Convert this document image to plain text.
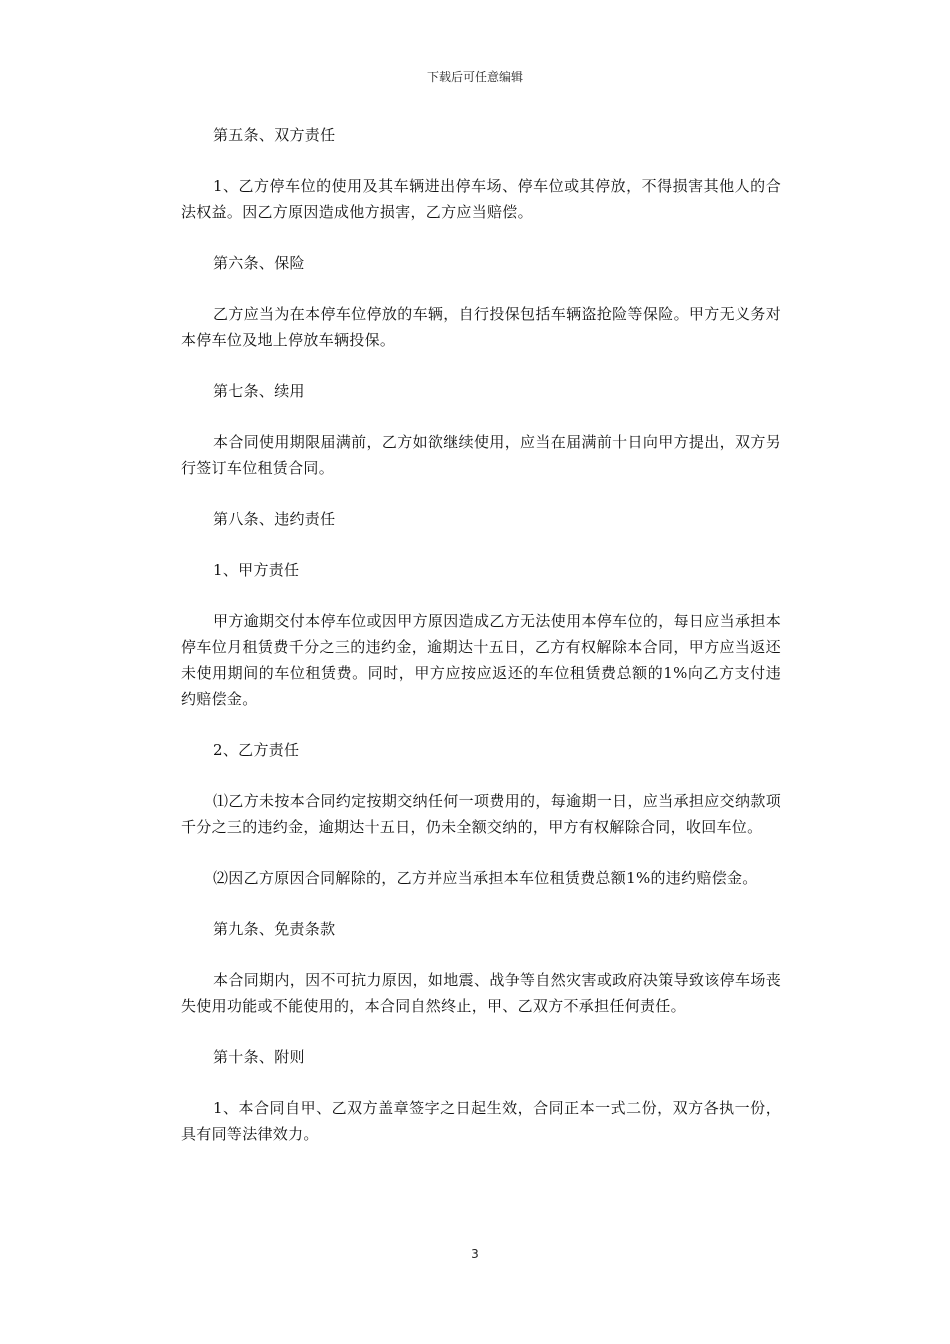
下载后可任意编辑

第五条、双方责任

1、乙方停车位的使用及其车辆进出停车场、停车位或其停放，不得损害其他人的合法权益。因乙方原因造成他方损害，乙方应当赔偿。

第六条、保险

乙方应当为在本停车位停放的车辆，自行投保包括车辆盗抢险等保险。甲方无义务对本停车位及地上停放车辆投保。

第七条、续用

本合同使用期限届满前，乙方如欲继续使用，应当在届满前十日向甲方提出，双方另行签订车位租赁合同。

第八条、违约责任

1、甲方责任

甲方逾期交付本停车位或因甲方原因造成乙方无法使用本停车位的，每日应当承担本停车位月租赁费千分之三的违约金，逾期达十五日，乙方有权解除本合同，甲方应当返还未使用期间的车位租赁费。同时，甲方应按应返还的车位租赁费总额的1%向乙方支付违约赔偿金。

2、乙方责任

⑴乙方未按本合同约定按期交纳任何一项费用的，每逾期一日，应当承担应交纳款项千分之三的违约金，逾期达十五日，仍未全额交纳的，甲方有权解除合同，收回车位。

⑵因乙方原因合同解除的，乙方并应当承担本车位租赁费总额1%的违约赔偿金。

第九条、免责条款

本合同期内，因不可抗力原因，如地震、战争等自然灾害或政府决策导致该停车场丧失使用功能或不能使用的，本合同自然终止，甲、乙双方不承担任何责任。

第十条、附则

1、本合同自甲、乙双方盖章签字之日起生效，合同正本一式二份，双方各执一份，具有同等法律效力。

3
